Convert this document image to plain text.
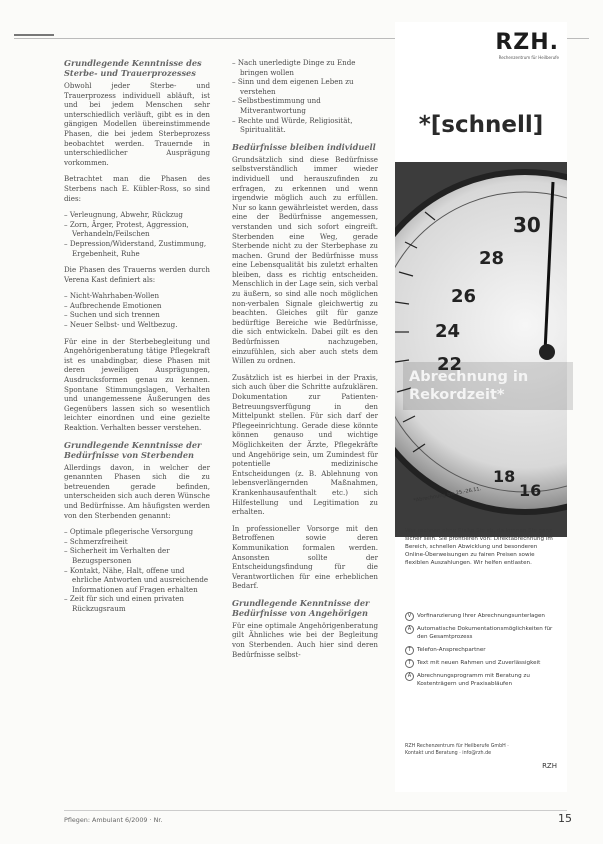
Grundlegende Kenntnisse des Sterbe- und Trauerprozesses

Obwohl jeder Sterbe- und Trauerprozess individuell abläuft, ist und bei jedem Menschen sehr unterschiedlich verläuft, gibt es in den gängigen Modellen übereinstimmende Phasen, die bei jedem Sterbeprozess beobachtet werden. Trauernde in unterschiedlicher Ausprägung vorkommen.

Betrachtet man die Phasen des Sterbens nach E. Kübler-Ross, so sind dies:

– Verleugnung, Abwehr, Rückzug
– Zorn, Ärger, Protest, Aggression, Verhandeln/Feilschen
– Depression/Widerstand, Zustimmung, Ergebenheit, Ruhe

Die Phasen des Trauerns werden durch Verena Kast definiert als:

– Nicht-Wahrhaben-Wollen
– Aufbrechende Emotionen
– Suchen und sich trennen
– Neuer Selbst- und Weltbezug.

Für eine in der Sterbebegleitung und Angehörigenberatung tätige Pflegekraft ist es unabdingbar, diese Phasen mit deren jeweiligen Ausprägungen, Ausdrucksformen genau zu kennen. Spontane Stimmungslagen, Verhalten und unangemessene Äußerungen des Gegenübers lassen sich so wesentlich leichter einordnen und eine gezielte Reaktion. Verhalten besser verstehen.

Grundlegende Kenntnisse der Bedürfnisse von Sterbenden

Allerdings davon, in welcher der genannten Phasen sich die zu betreuenden gerade befinden, unterscheiden sich auch deren Wünsche und Bedürfnisse. Am häufigsten werden von den Sterbenden genannt:

– Optimale pflegerische Versorgung
– Schmerzfreiheit
– Sicherheit im Verhalten der Bezugspersonen
– Kontakt, Nähe, Halt, offene und ehrliche Antworten und ausreichende Informationen auf Fragen erhalten
– Zeit für sich und einen privaten Rückzugsraum
– Nach unerledigte Dinge zu Ende bringen wollen
– Sinn und dem eigenen Leben zu verstehen
– Selbstbestimmung und Mitverantwortung
– Rechte und Würde, Religiosität, Spiritualität.
Bedürfnisse bleiben individuell

Grundsätzlich sind diese Bedürfnisse selbstverständlich immer wieder individuell und herauszufinden zu erfragen, zu erkennen und wenn irgendwie möglich auch zu erfüllen. Nur so kann gewährleistet werden, dass eine der Bedürfnisse angemessen, verstanden und sich sofort eingreift. Sterbenden eine Weg, gerade Sterbende nicht zu der Sterbephase zu machen. Grund der Bedürfnisse muss eine Lebensqualität bis zuletzt erhalten bleiben, dass es richtig entscheiden. Menschlich in der Lage sein, sich verbal zu äußern, so sind alle noch möglichen non-verbalen Signale gleichwertig zu beachten. Gleiches gilt für ganze bedürftige Bereiche wie Bedürfnisse, die sich entwickeln. Dabei gilt es den Bedürfnissen nachzugeben, einzufühlen, sich aber auch stets dem Willen zu ordnen.

Zusätzlich ist es hierbei in der Praxis, sich auch über die Schritte aufzuklären. Dokumentation zur Patienten-Betreuungsverfügung in den Mittelpunkt stellen. Für sich darf der Pflegeeinrichtung. Gerade diese könnte können genauso und wichtige Möglichkeiten der Ärzte, Pflegekräfte und Angehörige sein, um Zumindest für potentielle medizinische Entscheidungen (z. B. Ablehnung von lebensverlängernden Maßnahmen, Krankenhausaufenthalt etc.) sich Hilfestellung und Legitimation zu erhalten.

In professioneller Vorsorge mit den Betroffenen sowie deren Kommunikation formalen werden. Ansonsten sollte der Entscheidungsfindung für die Verantwortlichen für eine erheblichen Bedarf.

Grundlegende Kenntnisse der Bedürfnisse von Angehörigen

Für eine optimale Angehörigenberatung gilt Ähnliches wie bei der Begleitung von Sterbenden. Auch hier sind deren Bedürfnisse selbst-

RZH.
Rechenzentrum für Heilberufe
*[schnell]
30
28
26
24
22
18
16
Abrechnung in Rekordzeit*
*Abrechnung bis 25.-26.11.
Wer rechnen ohne Risiko Sie ab, da können Sie ganz sicher sein. Sie profitieren von: Direktabrechnung im Bereich, schnellen Abwicklung und besonderen Online-Überweisungen zu fairen Preisen sowie flexiblen Auszahlungen. Wir helfen entlasten.
V	Vorfinanzierung Ihrer Abrechnungsunterlagen
A	Automatische Dokumentationsmöglichkeiten für den Gesamtprozess
T	Telefon-Ansprechpartner
T	Text mit neuen Rahmen und Zuverlässigkeit
A	Abrechnungsprogramm mit Beratung zu Kostenträgern und Praxisabläufen
RZH Rechenzentrum für Heilberufe GmbH · Kontakt und Beratung · info@rzh.de
RZH
Pflegen: Ambulant 6/2009 · Nr.	15
